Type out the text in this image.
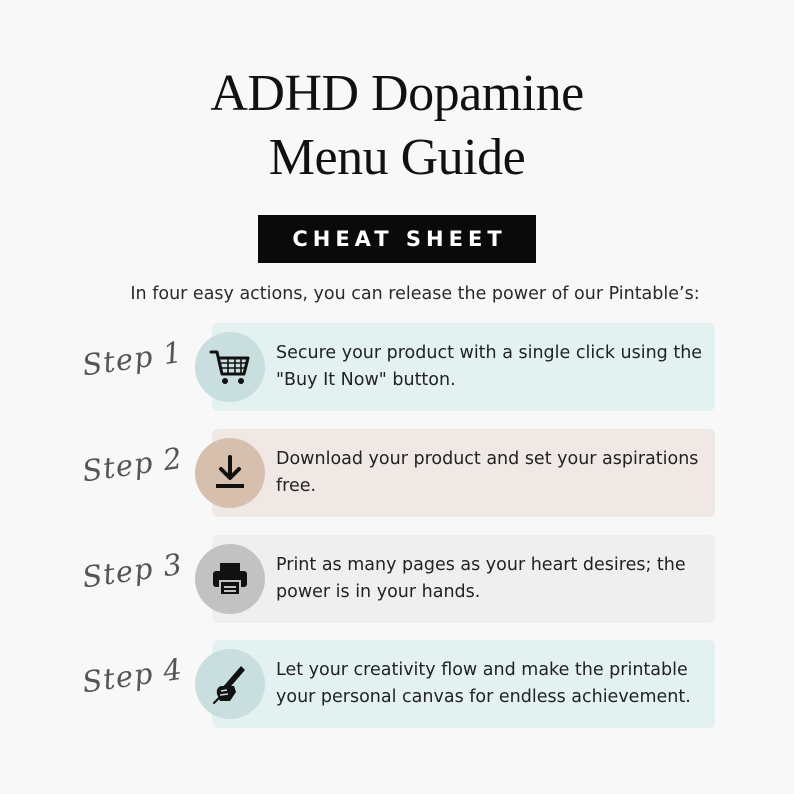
ADHD Dopamine
Menu Guide
CHEAT SHEET
In four easy actions, you can release the power of our Pintable’s:
Step 1	Secure your product with a single click using the "Buy It Now" button.
Step 2	Download your product and set your aspirations free.
Step 3	Print as many pages as your heart desires; the power is in your hands.
Step 4	Let your creativity flow and make the printable your personal canvas for endless achievement.
